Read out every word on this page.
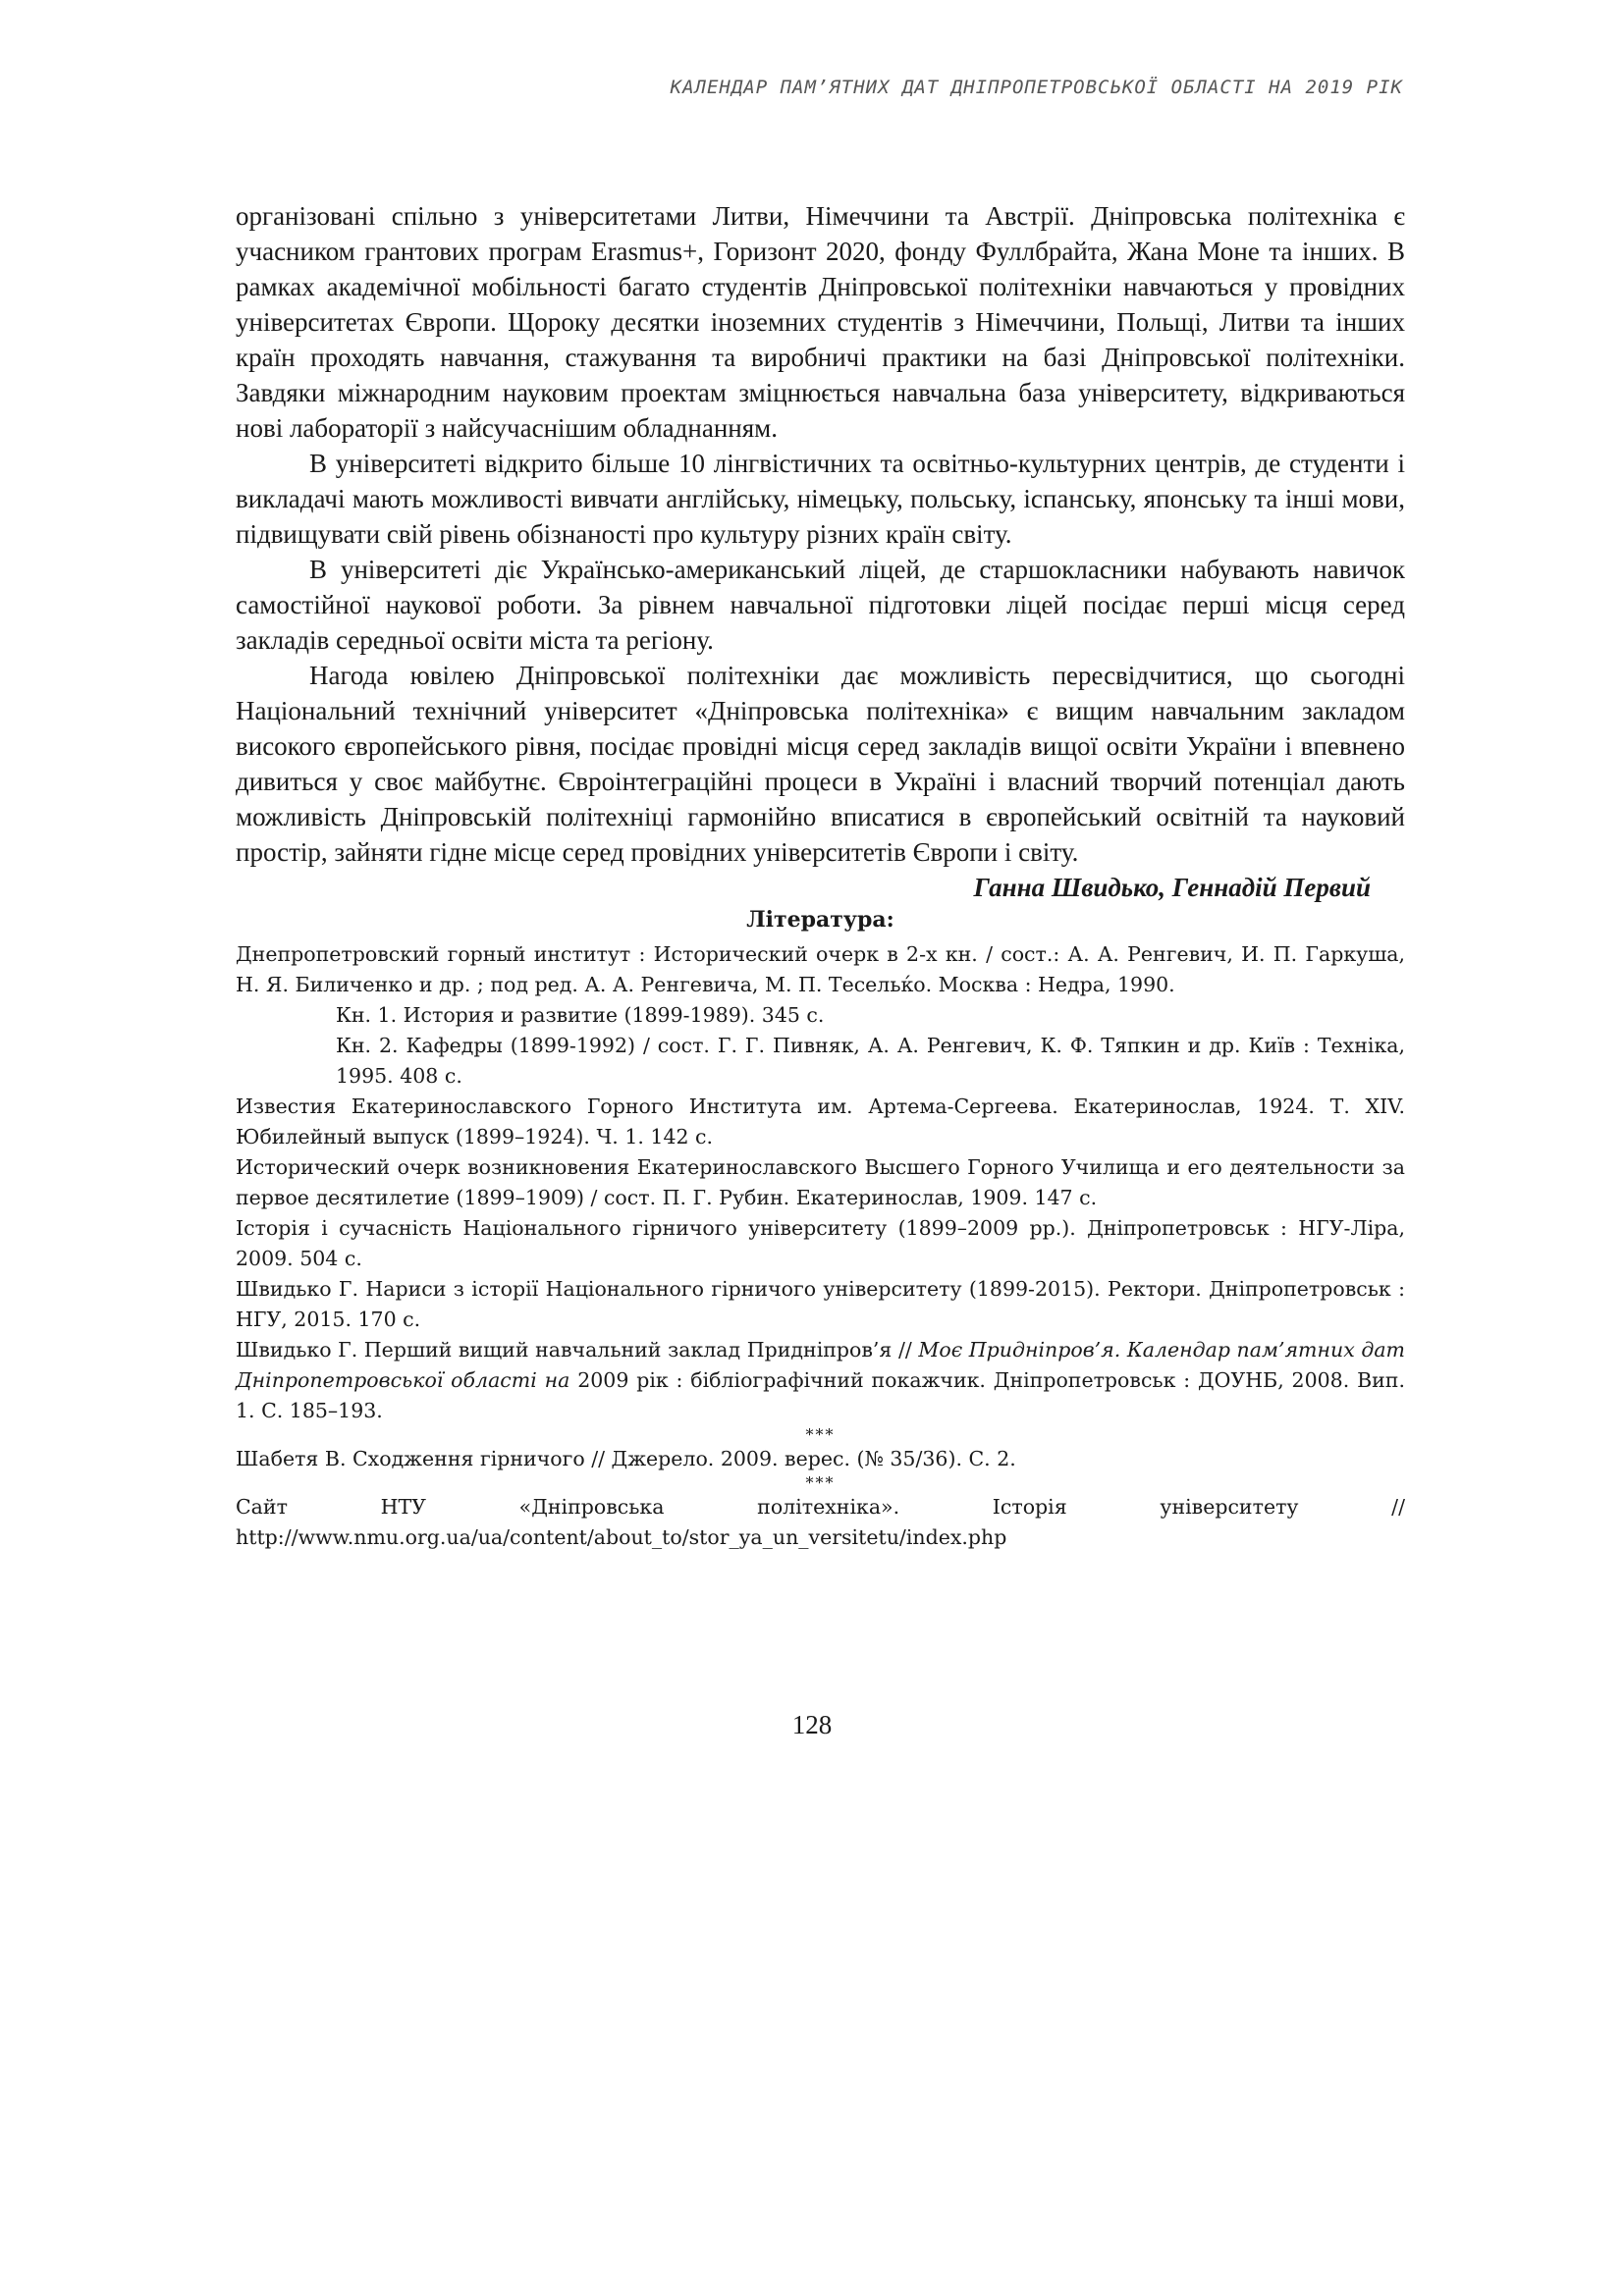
КАЛЕНДАР ПАМ’ЯТНИХ ДАТ ДНІПРОПЕТРОВСЬКОЇ ОБЛАСТІ НА 2019 РІК

організовані спільно з університетами Литви, Німеччини та Австрії. Дніпровська політехніка є учасником грантових програм Erasmus+, Горизонт 2020, фонду Фуллбрайта, Жана Моне та інших. В рамках академічної мобільності багато студентів Дніпровської політехніки навчаються у провідних університетах Європи. Щороку десятки іноземних студентів з Німеччини, Польщі, Литви та інших країн проходять навчання, стажування та виробничі практики на базі Дніпровської політехніки. Завдяки міжнародним науковим проектам зміцнюється навчальна база університету, відкриваються нові лабораторії з найсучаснішим обладнанням.

В університеті відкрито більше 10 лінгвістичних та освітньо-культурних центрів, де студенти і викладачі мають можливості вивчати англійську, німецьку, польську, іспанську, японську та інші мови, підвищувати свій рівень обізнаності про культуру різних країн світу.

В університеті діє Українсько-американський ліцей, де старшокласники набувають навичок самостійної наукової роботи. За рівнем навчальної підготовки ліцей посідає перші місця серед закладів середньої освіти міста та регіону.

Нагода ювілею Дніпровської політехніки дає можливість пересвідчитися, що сьогодні Національний технічний університет «Дніпровська політехніка» є вищим навчальним закладом високого європейського рівня, посідає провідні місця серед закладів вищої освіти України і впевнено дивиться у своє майбутнє. Євроінтеграційні процеси в Україні і власний творчий потенціал дають можливість Дніпровській політехніці гармонійно вписатися в європейський освітній та науковий простір, зайняти гідне місце серед провідних університетів Європи і світу.

Ганна Швидько, Геннадій Первий
Література:

Днепропетровский горный институт : Исторический очерк в 2-х кн. / сост.: А. А. Ренгевич, И. П. Гаркуша, Н. Я. Биличенко и др. ; под ред. А. А. Ренгевича, М. П. Тесельќо. Москва : Недра, 1990.

Кн. 1. История и развитие (1899-1989). 345 с.

Кн. 2. Кафедры (1899-1992) / сост. Г. Г. Пивняк, А. А. Ренгевич, К. Ф. Тяпкин и др. Київ : Техніка, 1995. 408 с.

Известия Екатеринославского Горного Института им. Артема-Сергеева. Екатеринослав, 1924. Т. XIV. Юбилейный выпуск (1899–1924). Ч. 1. 142 с.

Исторический очерк возникновения Екатеринославского Высшего Горного Училища и его деятельности за первое десятилетие (1899–1909) / сост. П. Г. Рубин. Екатеринослав, 1909. 147 с.

Історія і сучасність Національного гірничого університету (1899–2009 рр.). Дніпропетровськ : НГУ-Ліра, 2009. 504 с.

Швидько Г. Нариси з історії Національного гірничого університету (1899-2015). Ректори. Дніпропетровськ : НГУ, 2015. 170 с.

Швидько Г. Перший вищий навчальний заклад Придніпров’я // Моє Придніпров’я. Календар пам’ятних дат Дніпропетровської області на 2009 рік : бібліографічний покажчик. Дніпропетровськ : ДОУНБ, 2008. Вип. 1. С. 185–193.

***

Шабетя В. Сходження гірничого // Джерело. 2009. верес. (№ 35/36). С. 2.

***

Сайт НТУ «Дніпровська політехніка». Історія університету //

http://www.nmu.org.ua/ua/content/about_to/stor_ya_un_versitetu/index.php

128
